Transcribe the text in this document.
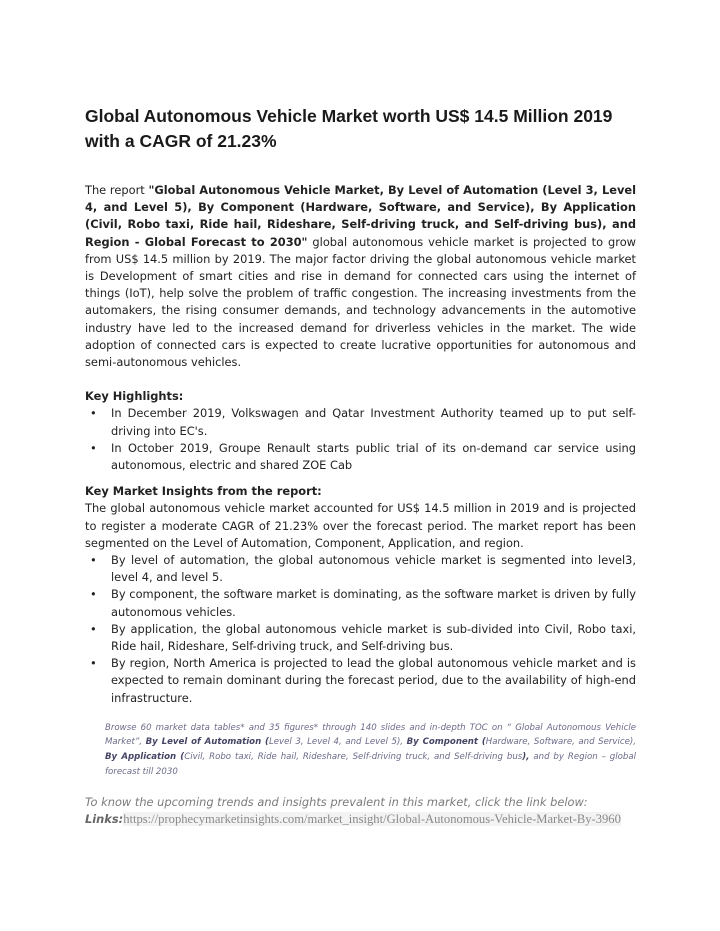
Global Autonomous Vehicle Market worth US$ 14.5 Million 2019 with a CAGR of 21.23%

The report "Global Autonomous Vehicle Market, By Level of Automation (Level 3, Level 4, and Level 5), By Component (Hardware, Software, and Service), By Application (Civil, Robo taxi, Ride hail, Rideshare, Self-driving truck, and Self-driving bus), and Region - Global Forecast to 2030" global autonomous vehicle market is projected to grow from US$ 14.5 million by 2019. The major factor driving the global autonomous vehicle market is Development of smart cities and rise in demand for connected cars using the internet of things (IoT), help solve the problem of traffic congestion. The increasing investments from the automakers, the rising consumer demands, and technology advancements in the automotive industry have led to the increased demand for driverless vehicles in the market. The wide adoption of connected cars is expected to create lucrative opportunities for autonomous and semi-autonomous vehicles.

Key Highlights:
• In December 2019, Volkswagen and Qatar Investment Authority teamed up to put self-driving into EC's.
• In October 2019, Groupe Renault starts public trial of its on-demand car service using autonomous, electric and shared ZOE Cab
Key Market Insights from the report:
The global autonomous vehicle market accounted for US$ 14.5 million in 2019 and is projected to register a moderate CAGR of 21.23% over the forecast period. The market report has been segmented on the Level of Automation, Component, Application, and region.
• By level of automation, the global autonomous vehicle market is segmented into level3, level 4, and level 5.
• By component, the software market is dominating, as the software market is driven by fully autonomous vehicles.
• By application, the global autonomous vehicle market is sub-divided into Civil, Robo taxi, Ride hail, Rideshare, Self-driving truck, and Self-driving bus.
• By region, North America is projected to lead the global autonomous vehicle market and is expected to remain dominant during the forecast period, due to the availability of high-end infrastructure.

Browse 60 market data tables* and 35 figures* through 140 slides and in-depth TOC on “ Global Autonomous Vehicle Market”, By Level of Automation (Level 3, Level 4, and Level 5), By Component (Hardware, Software, and Service), By Application (Civil, Robo taxi, Ride hail, Rideshare, Self-driving truck, and Self-driving bus), and by Region – global forecast till 2030

To know the upcoming trends and insights prevalent in this market, click the link below:
Links:https://prophecymarketinsights.com/market_insight/Global-Autonomous-Vehicle-Market-By-3960
